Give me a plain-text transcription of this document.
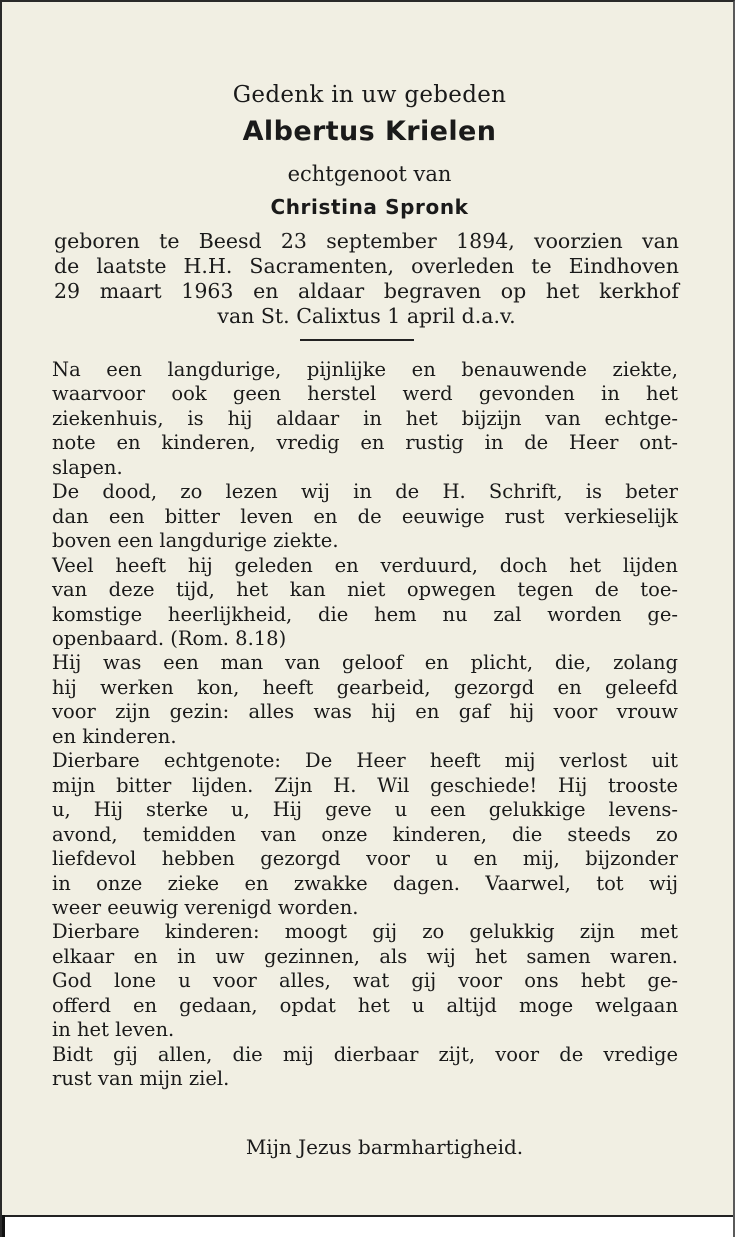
Gedenk in uw gebeden

Albertus Krielen

echtgenoot van

Christina Spronk

geboren te Beesd 23 september 1894, voorzien van
de laatste H.H. Sacramenten, overleden te Eindhoven
29 maart 1963 en aldaar begraven op het kerkhof
van St. Calixtus 1 april d.a.v.
Na een langdurige, pijnlijke en benauwende ziekte,
waarvoor ook geen herstel werd gevonden in het
ziekenhuis, is hij aldaar in het bijzijn van echtge-
note en kinderen, vredig en rustig in de Heer ont-
slapen.
De dood, zo lezen wij in de H. Schrift, is beter
dan een bitter leven en de eeuwige rust verkieselijk
boven een langdurige ziekte.
Veel heeft hij geleden en verduurd, doch het lijden
van deze tijd, het kan niet opwegen tegen de toe-
komstige heerlijkheid, die hem nu zal worden ge-
openbaard. (Rom. 8.18)
Hij was een man van geloof en plicht, die, zolang
hij werken kon, heeft gearbeid, gezorgd en geleefd
voor zijn gezin: alles was hij en gaf hij voor vrouw
en kinderen.
Dierbare echtgenote: De Heer heeft mij verlost uit
mijn bitter lijden. Zijn H. Wil geschiede! Hij trooste
u, Hij sterke u, Hij geve u een gelukkige levens-
avond, temidden van onze kinderen, die steeds zo
liefdevol hebben gezorgd voor u en mij, bijzonder
in onze zieke en zwakke dagen. Vaarwel, tot wij
weer eeuwig verenigd worden.
Dierbare kinderen: moogt gij zo gelukkig zijn met
elkaar en in uw gezinnen, als wij het samen waren.
God lone u voor alles, wat gij voor ons hebt ge-
offerd en gedaan, opdat het u altijd moge welgaan
in het leven.
Bidt gij allen, die mij dierbaar zijt, voor de vredige
rust van mijn ziel.

Mijn Jezus barmhartigheid.
